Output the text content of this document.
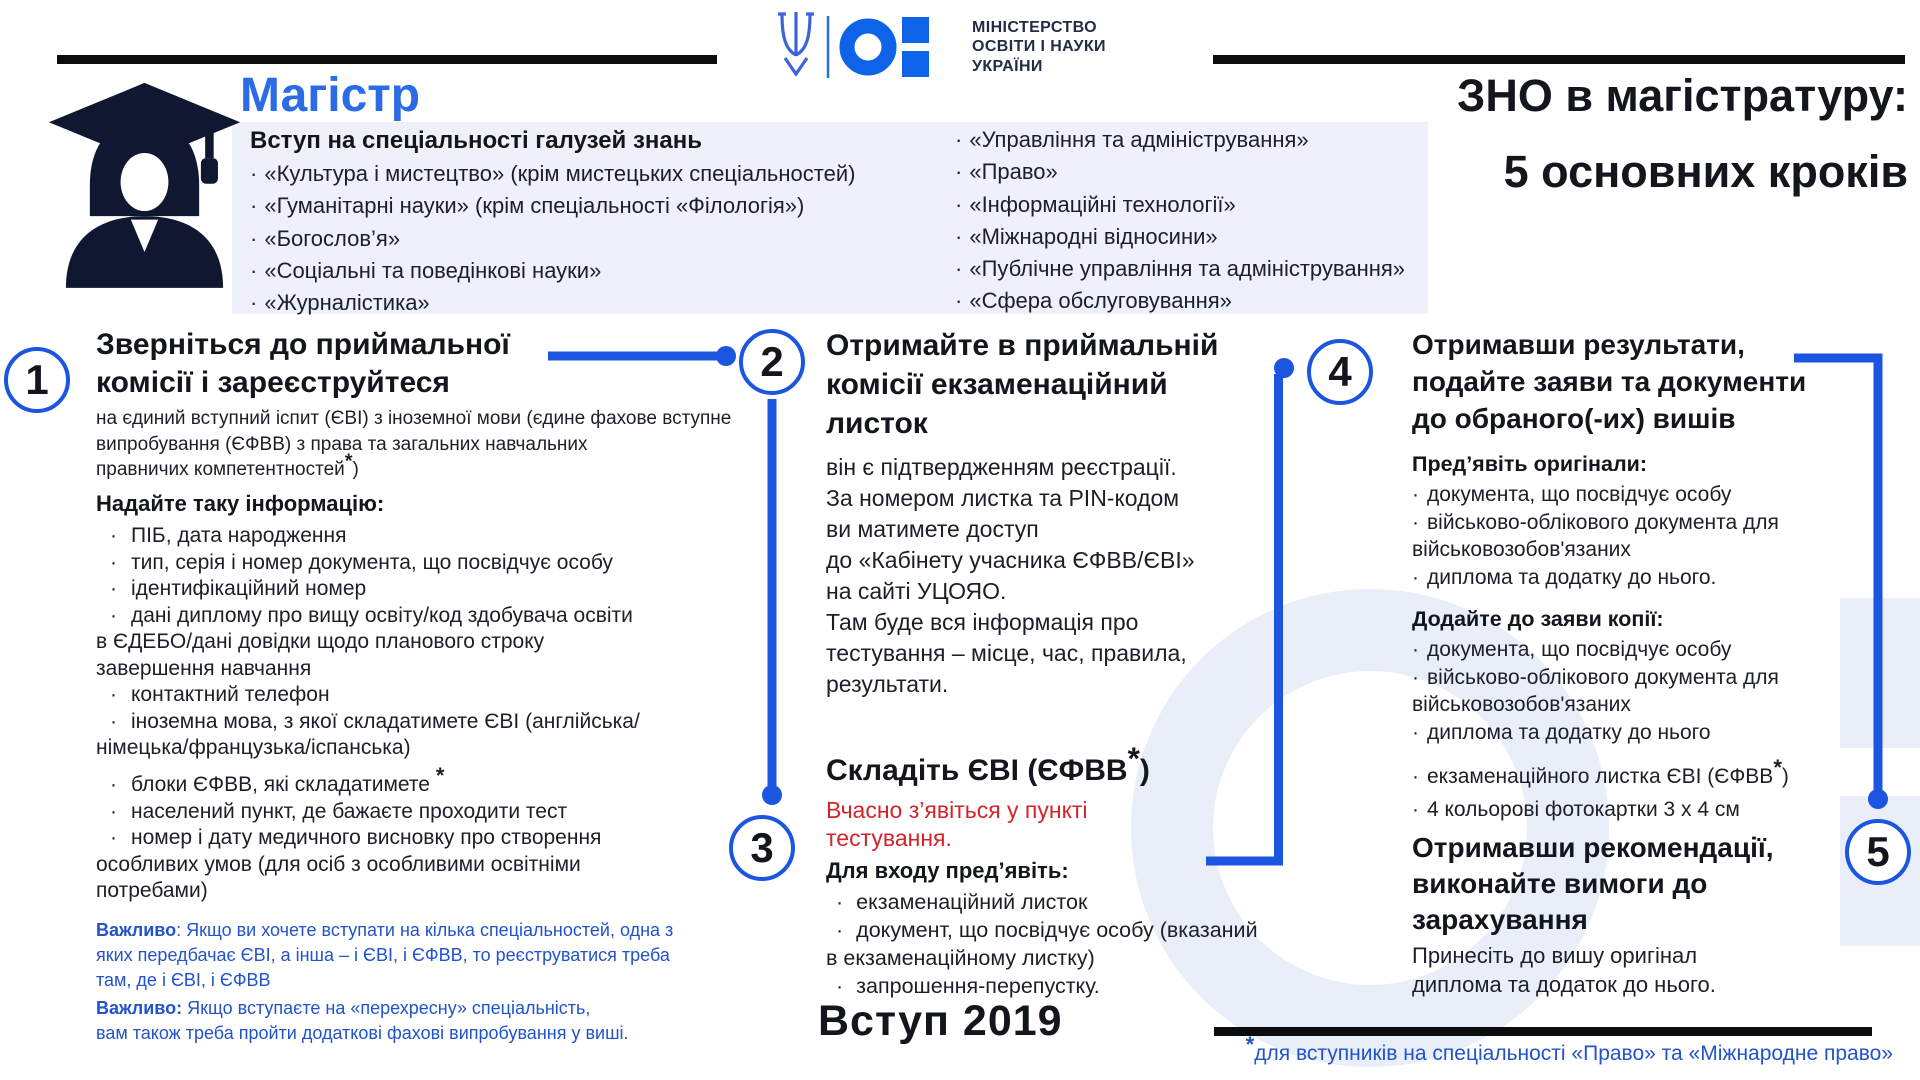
МІНІСТЕРСТВО
ОСВІТИ І НАУКИ
УКРАЇНИ
ЗНО в магістратуру:
5 основних кроків
Магістр
Вступ на спеціальності галузей знань
· «Культура і мистецтво» (крім мистецьких спеціальностей)
· «Гуманітарні науки» (крім спеціальності «Філологія»)
· «Богослов’я»
· «Соціальні та поведінкові науки»
· «Журналістика»
· «Управління та адміністрування»
· «Право»
· «Інформаційні технології»
· «Міжнародні відносини»
· «Публічне управління та адміністрування»
· «Сфера обслуговування»
1	2
3
4
5
Зверніться до приймальної
комісії і зареєструйтеся
на єдиний вступний іспит (ЄВІ) з іноземної мови (єдине фахове вступне
випробування (ЄФВВ) з права та загальних навчальних
правничих компетентностей*)
Надайте таку інформацію:
· ПІБ, дата народження
· тип, серія і номер документа, що посвідчує особу
· ідентифікаційний номер
· дані диплому про вищу освіту/код здобувача освіти в ЄДЕБО/дані довідки щодо планового строку завершення навчання
· контактний телефон
· іноземна мова, з якої складатимете ЄВІ (англійська/німецька/французька/іспанська)
· блоки ЄФВВ, які складатимете *
· населений пункт, де бажаєте проходити тест
· номер і дату медичного висновку про створення особливих умов (для осіб з особливими освітніми потребами)
Важливо: Якщо ви хочете вступати на кілька спеціальностей, одна з
яких передбачає ЄВІ, а інша – і ЄВІ, і ЄФВВ, то реєструватися треба
там, де і ЄВІ, і ЄФВВ
Важливо: Якщо вступаєте на «перехресну» спеціальність,
вам також треба пройти додаткові фахові випробування у виші.
Отримайте в приймальній
комісії екзаменаційний
листок
він є підтвердженням реєстрації.
За номером листка та PIN-кодом
ви матимете доступ
до «Кабінету учасника ЄФВВ/ЄВІ»
на сайті УЦОЯО.
Там буде вся інформація про
тестування – місце, час, правила,
результати.
Складіть ЄВІ (ЄФВВ*)
Вчасно з’явіться у пункті
тестування.
Для входу пред’явіть:
· екзаменаційний листок
· документ, що посвідчує особу (вказаний в екзаменаційному листку)
· запрошення-перепустку.
Отримавши результати,
подайте заяви та документи
до обраного(-их) вишів
Пред’явіть оригінали:
· документа, що посвідчує особу
· військово-облікового документа для військовозобов'язаних
· диплома та додатку до нього.
Додайте до заяви копії:
· документа, що посвідчує особу
· військово-облікового документа для військовозобов'язаних
· диплома та додатку до нього
· екзаменаційного листка ЄВІ (ЄФВВ*)
· 4 кольорові фотокартки 3 х 4 см
Отримавши рекомендації,
виконайте вимоги до
зарахування
Принесіть до вишу оригінал
диплома та додаток до нього.
Вступ 2019	*для вступників на спеціальності «Право» та «Міжнародне право»
